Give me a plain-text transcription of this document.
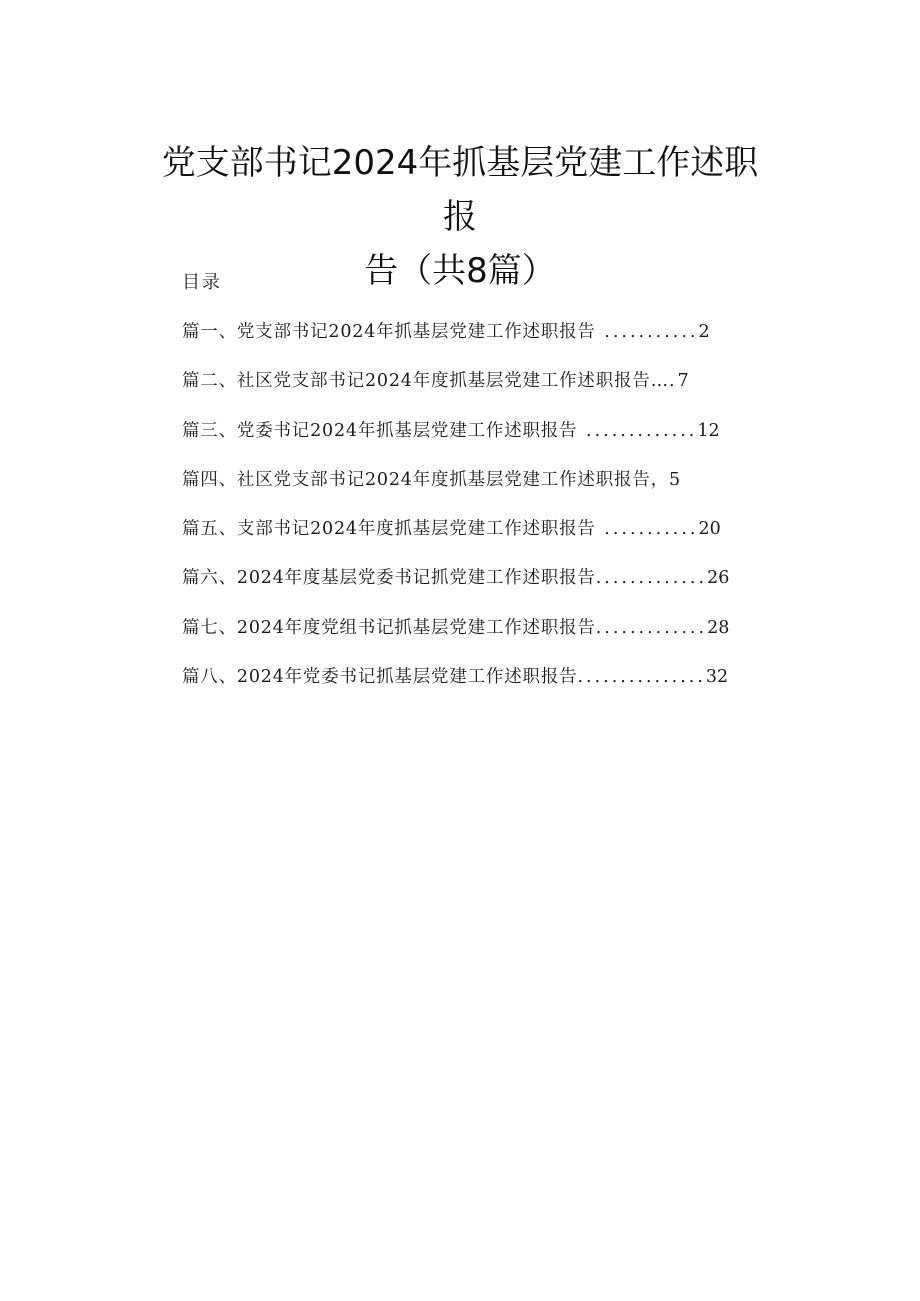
党支部书记2024年抓基层党建工作述职报
告（共8篇）
目录
篇一、党支部书记2024年抓基层党建工作述职报告 ...........2
篇二、社区党支部书记2024年度抓基层党建工作述职报告….7
篇三、党委书记2024年抓基层党建工作述职报告 .............12
篇四、社区党支部书记2024年度抓基层党建工作述职报告，5
篇五、支部书记2024年度抓基层党建工作述职报告 ...........20
篇六、2024年度基层党委书记抓党建工作述职报告.............26
篇七、2024年度党组书记抓基层党建工作述职报告.............28
篇八、2024年党委书记抓基层党建工作述职报告...............32
